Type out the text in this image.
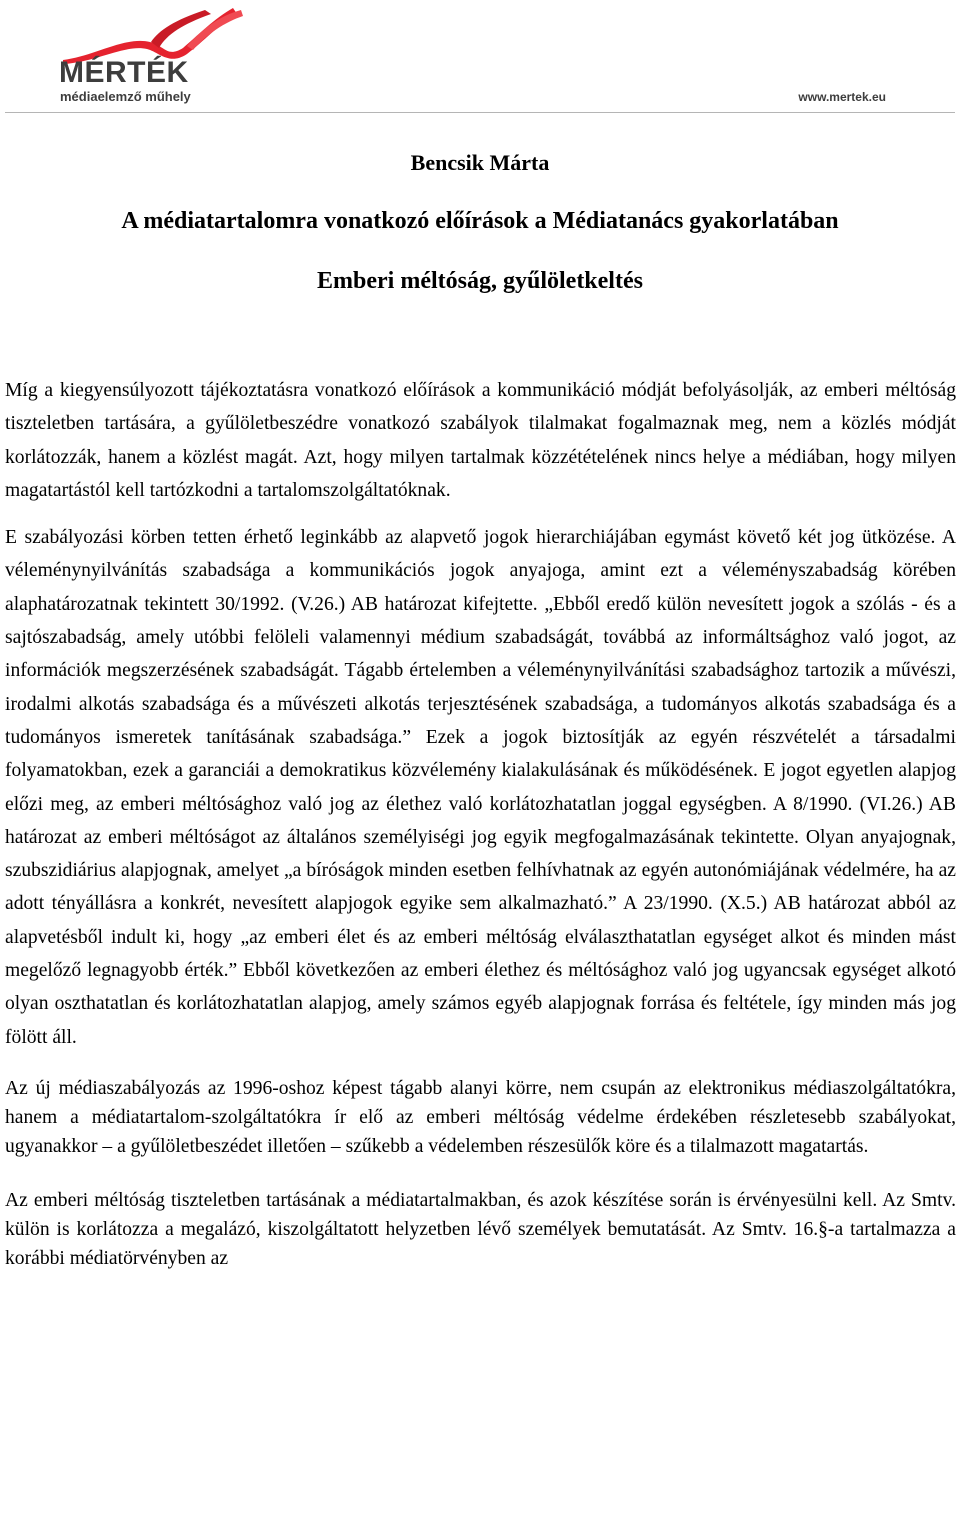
MÉRTÉK
médiaelemző műhely	www.mertek.eu
Bencsik Márta
A médiatartalomra vonatkozó előírások a Médiatanács gyakorlatában
Emberi méltóság, gyűlöletkeltés

Míg a kiegyensúlyozott tájékoztatásra vonatkozó előírások a kommunikáció módját befolyásolják, az emberi méltóság tiszteletben tartására, a gyűlöletbeszédre vonatkozó szabályok tilalmakat fogalmaznak meg, nem a közlés módját korlátozzák, hanem a közlést magát. Azt, hogy milyen tartalmak közzétételének nincs helye a médiában, hogy milyen magatartástól kell tartózkodni a tartalomszolgáltatóknak.

E szabályozási körben tetten érhető leginkább az alapvető jogok hierarchiájában egymást követő két jog ütközése. A véleménynyilvánítás szabadsága a kommunikációs jogok anyajoga, amint ezt a véleményszabadság körében alaphatározatnak tekintett 30/1992. (V.26.) AB határozat kifejtette. „Ebből eredő külön nevesített jogok a szólás - és a sajtószabadság, amely utóbbi felöleli valamennyi médium szabadságát, továbbá az informáltsághoz való jogot, az információk megszerzésének szabadságát. Tágabb értelemben a véleménynyilvánítási szabadsághoz tartozik a művészi, irodalmi alkotás szabadsága és a művészeti alkotás terjesztésének szabadsága, a tudományos alkotás szabadsága és a tudományos ismeretek tanításának szabadsága.” Ezek a jogok biztosítják az egyén részvételét a társadalmi folyamatokban, ezek a garanciái a demokratikus közvélemény kialakulásának és működésének. E jogot egyetlen alapjog előzi meg, az emberi méltósághoz való jog az élethez való korlátozhatatlan joggal egységben. A 8/1990. (VI.26.) AB határozat az emberi méltóságot az általános személyiségi jog egyik megfogalmazásának tekintette. Olyan anyajognak, szubszidiárius alapjognak, amelyet „a bíróságok minden esetben felhívhatnak az egyén autonómiájának védelmére, ha az adott tényállásra a konkrét, nevesített alapjogok egyike sem alkalmazható.” A 23/1990. (X.5.) AB határozat abból az alapvetésből indult ki, hogy „az emberi élet és az emberi méltóság elválaszthatatlan egységet alkot és minden mást megelőző legnagyobb érték.” Ebből következően az emberi élethez és méltósághoz való jog ugyancsak egységet alkotó olyan oszthatatlan és korlátozhatatlan alapjog, amely számos egyéb alapjognak forrása és feltétele, így minden más jog fölött áll.

Az új médiaszabályozás az 1996-oshoz képest tágabb alanyi körre, nem csupán az elektronikus médiaszolgáltatókra, hanem a médiatartalom-szolgáltatókra ír elő az emberi méltóság védelme érdekében részletesebb szabályokat, ugyanakkor – a gyűlöletbeszédet illetően – szűkebb a védelemben részesülők köre és a tilalmazott magatartás.

Az emberi méltóság tiszteletben tartásának a médiatartalmakban, és azok készítése során is érvényesülni kell. Az Smtv. külön is korlátozza a megalázó, kiszolgáltatott helyzetben lévő személyek bemutatását. Az Smtv. 16.§-a tartalmazza a korábbi médiatörvényben az
